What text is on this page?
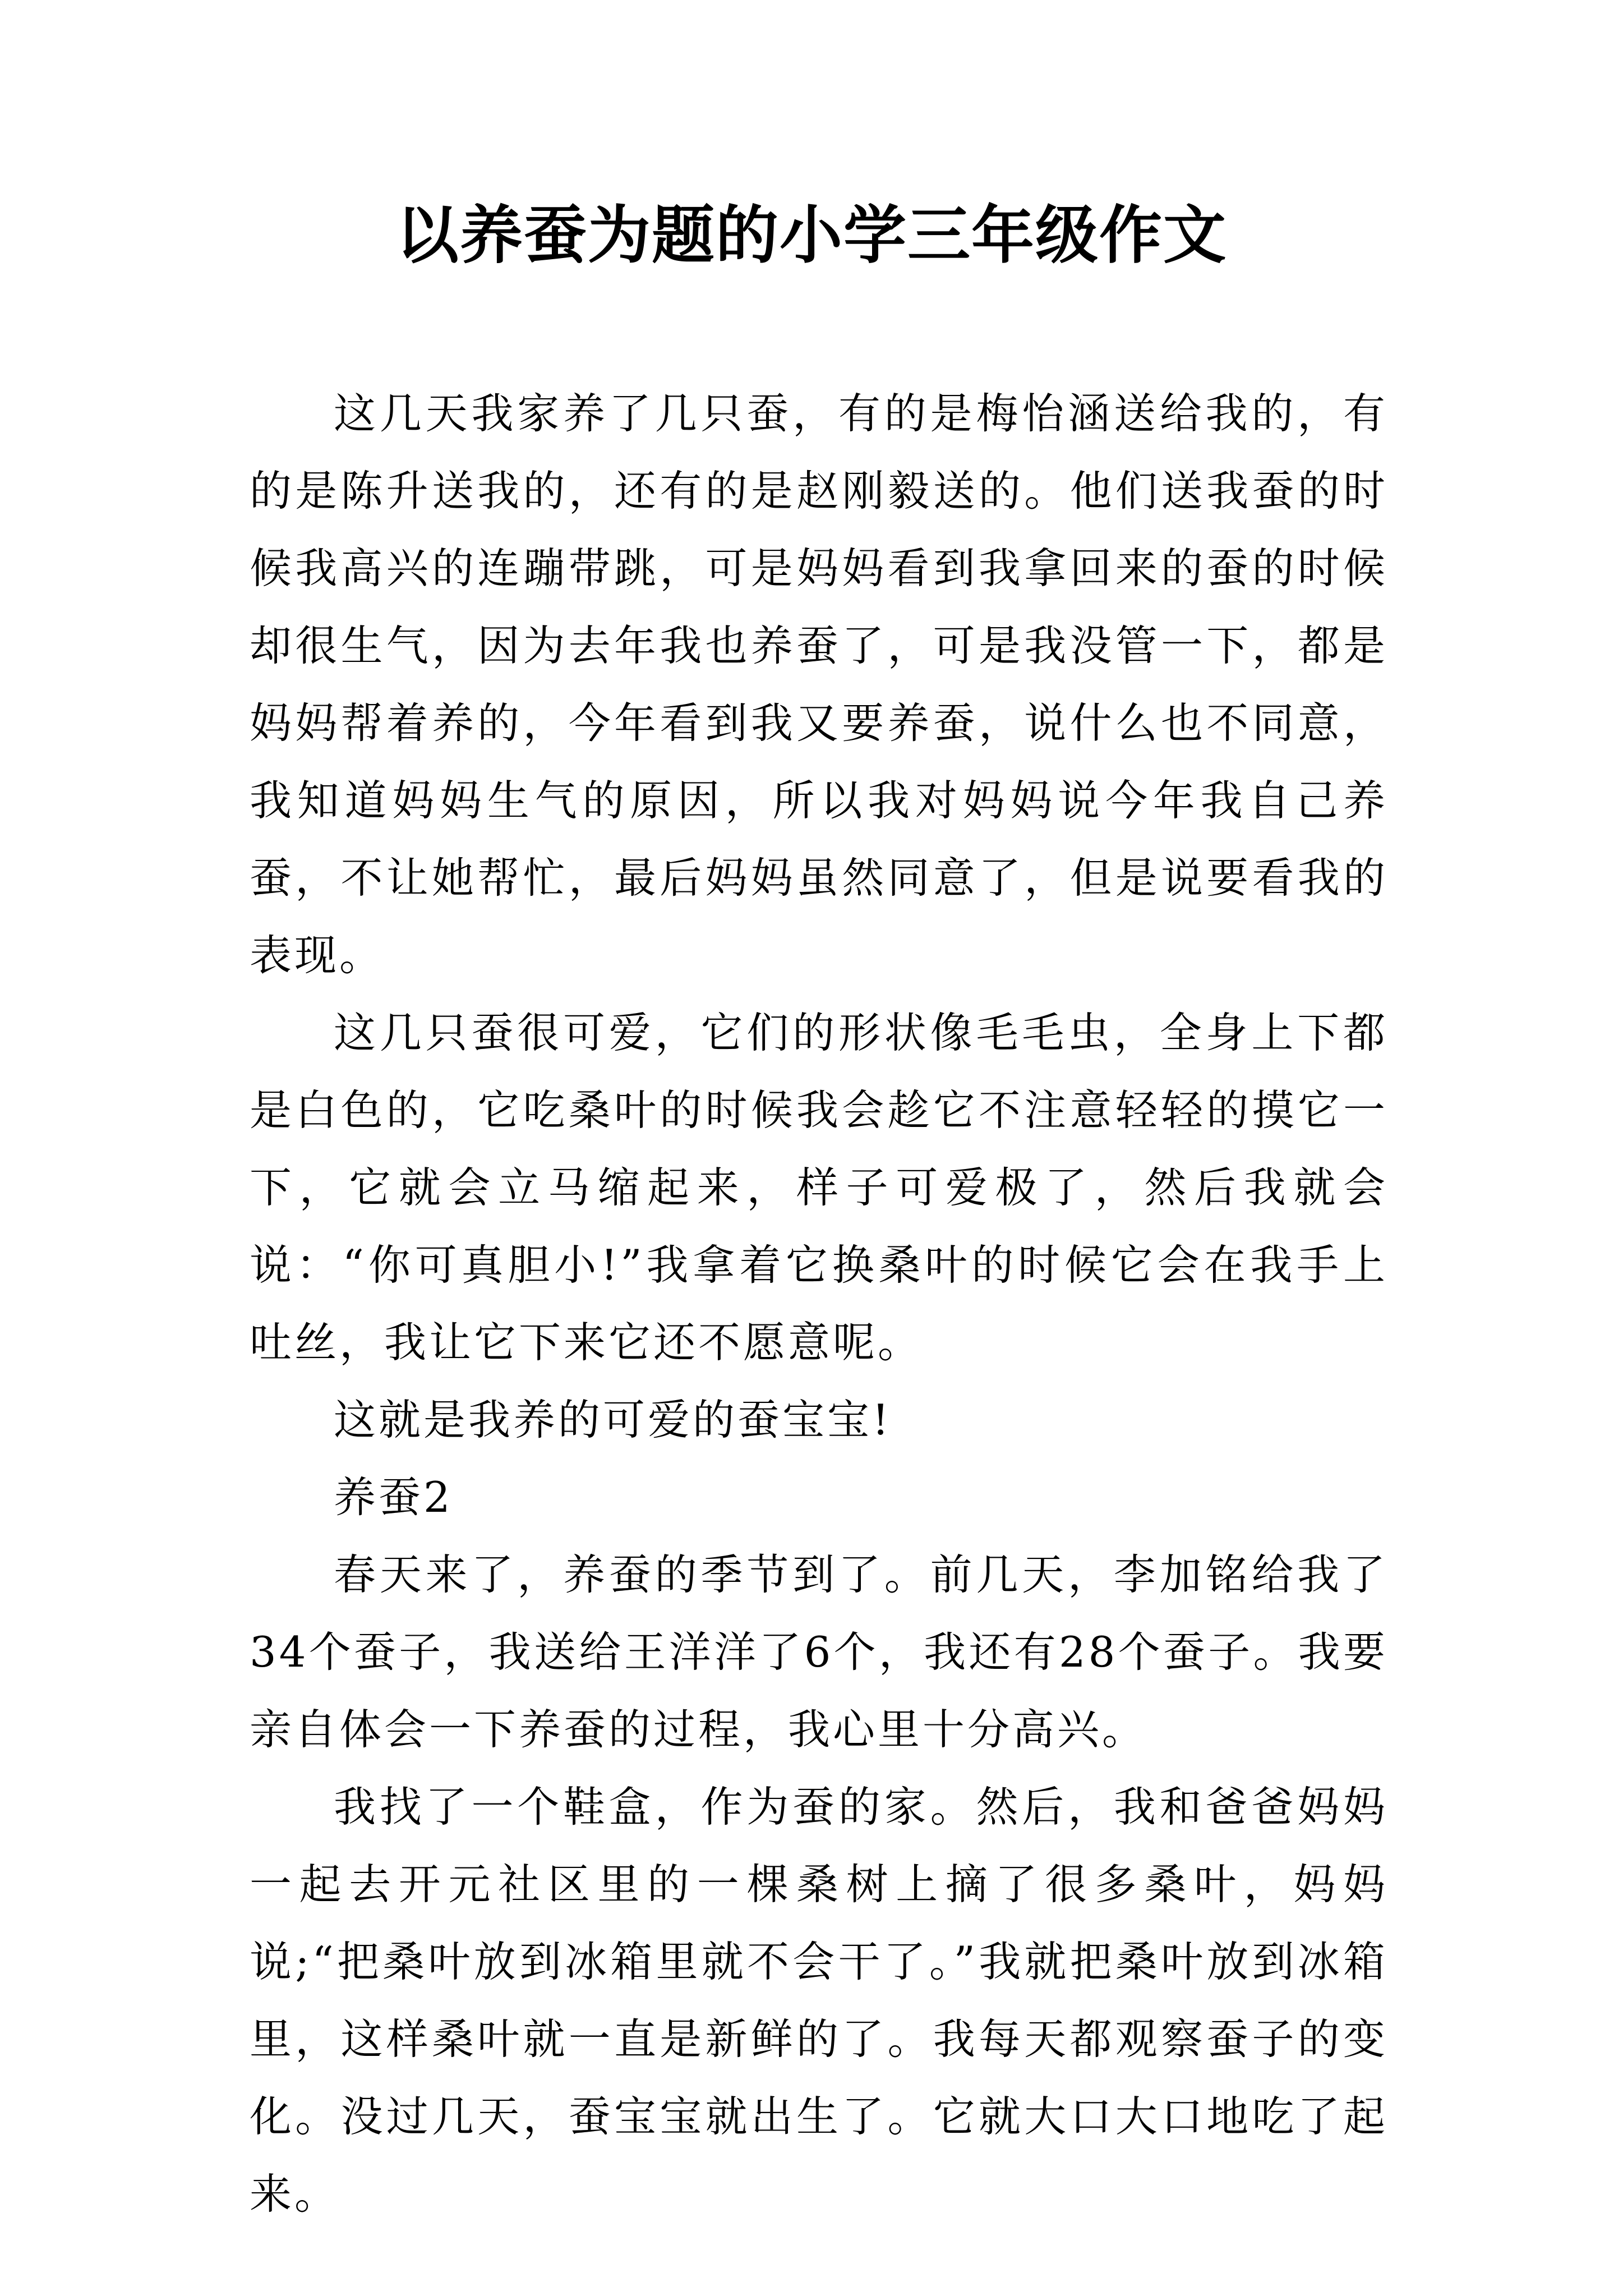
以养蚕为题的小学三年级作文

这几天我家养了几只蚕，有的是梅怡涵送给我的，有的是陈升送我的，还有的是赵刚毅送的。他们送我蚕的时候我高兴的连蹦带跳，可是妈妈看到我拿回来的蚕的时候却很生气，因为去年我也养蚕了，可是我没管一下，都是妈妈帮着养的，今年看到我又要养蚕，说什么也不同意，我知道妈妈生气的原因，所以我对妈妈说今年我自己养蚕，不让她帮忙，最后妈妈虽然同意了，但是说要看我的表现。

这几只蚕很可爱，它们的形状像毛毛虫，全身上下都是白色的，它吃桑叶的时候我会趁它不注意轻轻的摸它一下，它就会立马缩起来，样子可爱极了，然后我就会说：“你可真胆小!”我拿着它换桑叶的时候它会在我手上吐丝，我让它下来它还不愿意呢。

这就是我养的可爱的蚕宝宝!

养蚕2

春天来了，养蚕的季节到了。前几天，李加铭给我了34个蚕子，我送给王洋洋了6个，我还有28个蚕子。我要亲自体会一下养蚕的过程，我心里十分高兴。

我找了一个鞋盒，作为蚕的家。然后，我和爸爸妈妈一起去开元社区里的一棵桑树上摘了很多桑叶，妈妈说;“把桑叶放到冰箱里就不会干了。”我就把桑叶放到冰箱里，这样桑叶就一直是新鲜的了。我每天都观察蚕子的变化。没过几天，蚕宝宝就出生了。它就大口大口地吃了起来。
